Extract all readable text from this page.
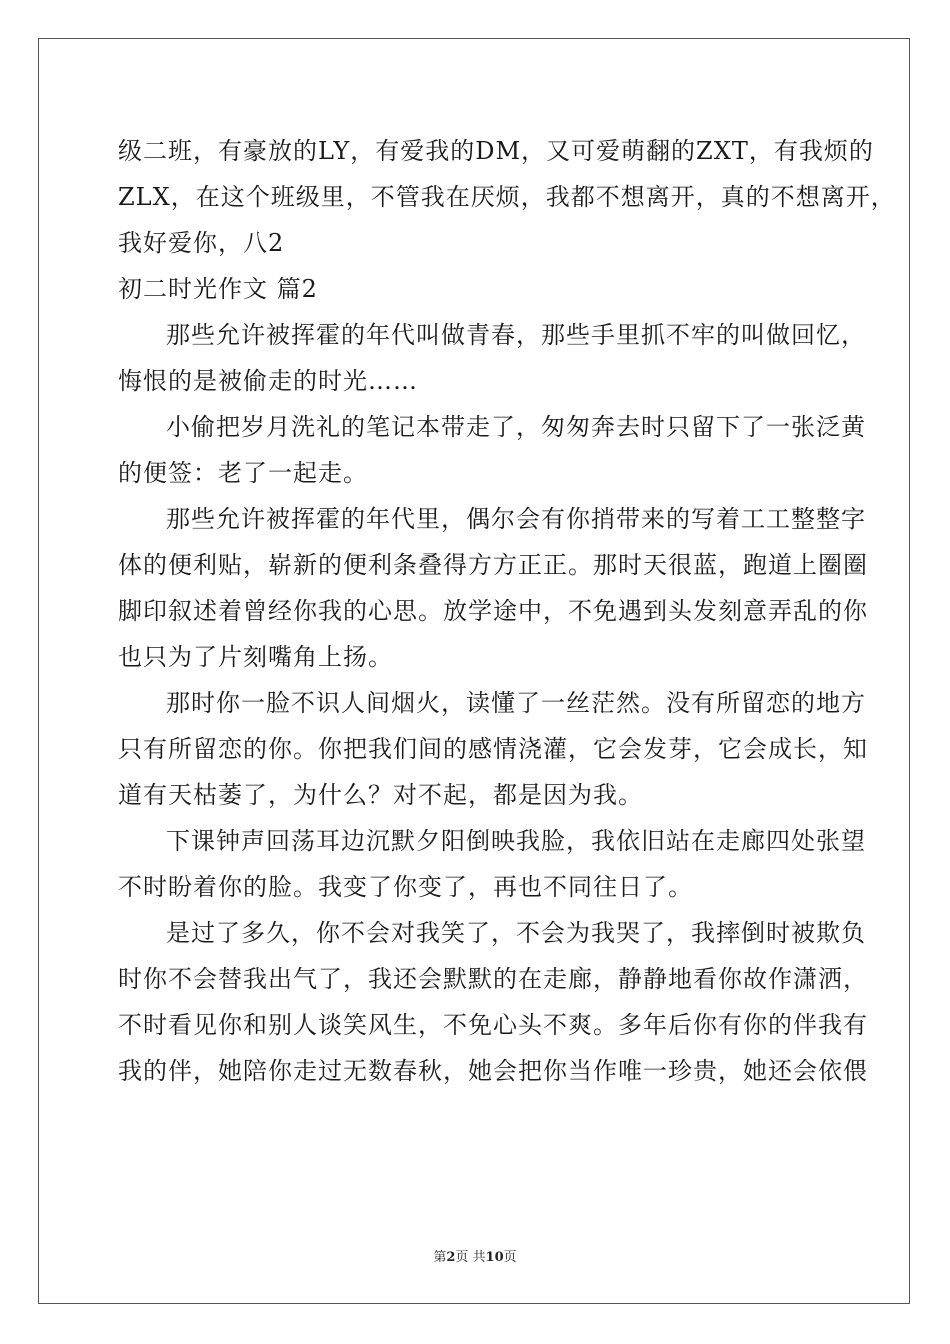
级二班，有豪放的LY，有爱我的DM，又可爱萌翻的ZXT，有我烦的
ZLX，在这个班级里，不管我在厌烦，我都不想离开，真的不想离开，
我好爱你，八2
初二时光作文 篇2
那些允许被挥霍的年代叫做青春，那些手里抓不牢的叫做回忆，
悔恨的是被偷走的时光……
小偷把岁月洗礼的笔记本带走了，匆匆奔去时只留下了一张泛黄
的便签：老了一起走。
那些允许被挥霍的年代里，偶尔会有你捎带来的写着工工整整字
体的便利贴，崭新的便利条叠得方方正正。那时天很蓝，跑道上圈圈
脚印叙述着曾经你我的心思。放学途中，不免遇到头发刻意弄乱的你
也只为了片刻嘴角上扬。
那时你一脸不识人间烟火，读懂了一丝茫然。没有所留恋的地方
只有所留恋的你。你把我们间的感情浇灌，它会发芽，它会成长，知
道有天枯萎了，为什么？对不起，都是因为我。
下课钟声回荡耳边沉默夕阳倒映我脸，我依旧站在走廊四处张望
不时盼着你的脸。我变了你变了，再也不同往日了。
是过了多久，你不会对我笑了，不会为我哭了，我摔倒时被欺负
时你不会替我出气了，我还会默默的在走廊，静静地看你故作潇洒，
不时看见你和别人谈笑风生，不免心头不爽。多年后你有你的伴我有
我的伴，她陪你走过无数春秋，她会把你当作唯一珍贵，她还会依偎
第2页 共10页
